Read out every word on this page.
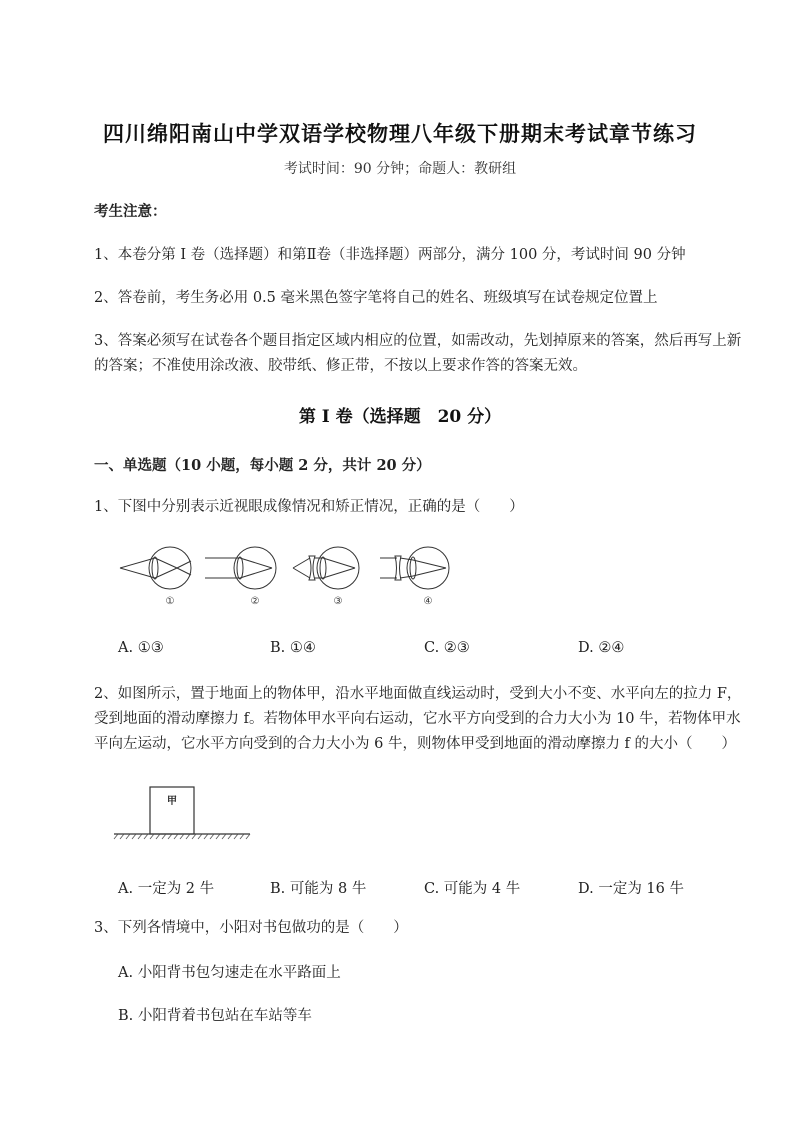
四川绵阳南山中学双语学校物理八年级下册期末考试章节练习
考试时间：90 分钟；命题人：教研组
考生注意：
1、本卷分第 I 卷（选择题）和第Ⅱ卷（非选择题）两部分，满分 100 分，考试时间 90 分钟
2、答卷前，考生务必用 0.5 毫米黑色签字笔将自己的姓名、班级填写在试卷规定位置上
3、答案必须写在试卷各个题目指定区域内相应的位置，如需改动，先划掉原来的答案，然后再写上新
的答案；不准使用涂改液、胶带纸、修正带，不按以上要求作答的答案无效。
第 I 卷（选择题　20 分）
一、单选题（10 小题，每小题 2 分，共计 20 分）
1、下图中分别表示近视眼成像情况和矫正情况，正确的是（　　）
①	②	③	④
A. ①③	B. ①④	C. ②③	D. ②④
2、如图所示，置于地面上的物体甲，沿水平地面做直线运动时，受到大小不变、水平向左的拉力 F，
受到地面的滑动摩擦力 f。若物体甲水平向右运动，它水平方向受到的合力大小为 10 牛，若物体甲水
平向左运动，它水平方向受到的合力大小为 6 牛，则物体甲受到地面的滑动摩擦力 f 的大小（　　）
甲
A. 一定为 2 牛	B. 可能为 8 牛	C. 可能为 4 牛	D. 一定为 16 牛
3、下列各情境中，小阳对书包做功的是（　　）
A. 小阳背书包匀速走在水平路面上
B. 小阳背着书包站在车站等车
